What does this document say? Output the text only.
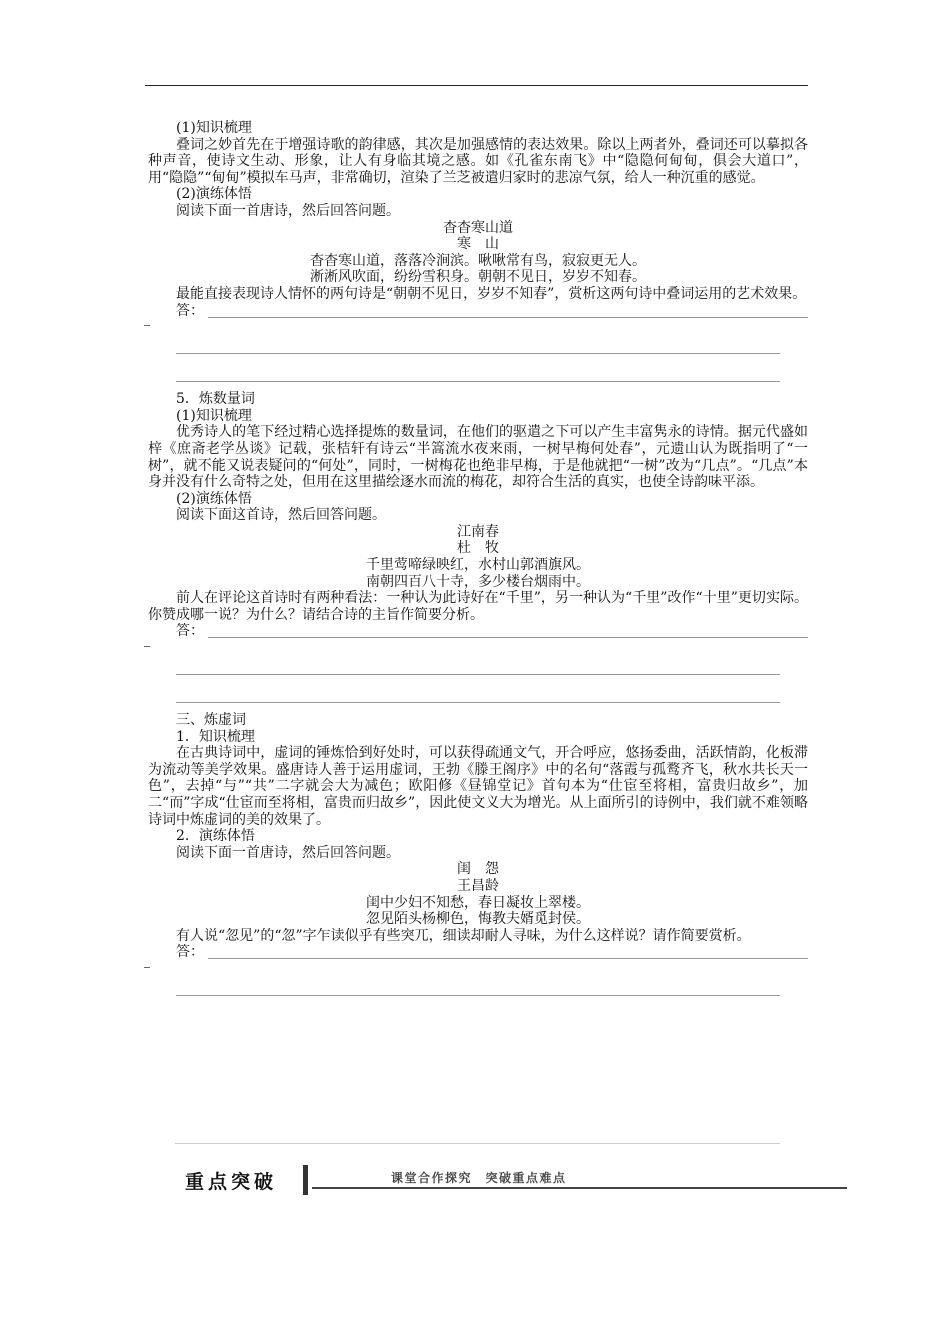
(1)知识梳理
叠词之妙首先在于增强诗歌的韵律感，其次是加强感情的表达效果。除以上两者外，叠词还可以摹拟各种声音，使诗文生动、形象，让人有身临其境之感。如《孔雀东南飞》中“隐隐何甸甸，俱会大道口”，用“隐隐”“甸甸”模拟车马声，非常确切，渲染了兰芝被遣归家时的悲凉气氛，给人一种沉重的感觉。
(2)演练体悟
阅读下面一首唐诗，然后回答问题。
杳杳寒山道
寒　山
杳杳寒山道，落落冷涧滨。啾啾常有鸟，寂寂更无人。
淅淅风吹面，纷纷雪积身。朝朝不见日，岁岁不知春。
最能直接表现诗人情怀的两句诗是“朝朝不见日，岁岁不知春”，赏析这两句诗中叠词运用的艺术效果。
答：
5．炼数量词
(1)知识梳理
优秀诗人的笔下经过精心选择提炼的数量词，在他们的驱遣之下可以产生丰富隽永的诗情。据元代盛如梓《庶斋老学丛谈》记载，张桔轩有诗云“半篙流水夜来雨，一树早梅何处春”，元遗山认为既指明了“一树”，就不能又说表疑问的“何处”，同时，一树梅花也绝非早梅，于是他就把“一树”改为“几点”。“几点”本身并没有什么奇特之处，但用在这里描绘逐水而流的梅花，却符合生活的真实，也使全诗韵味平添。
(2)演练体悟
阅读下面这首诗，然后回答问题。
江南春
杜　牧
千里莺啼绿映红，水村山郭酒旗风。
南朝四百八十寺，多少楼台烟雨中。
前人在评论这首诗时有两种看法：一种认为此诗好在“千里”，另一种认为“千里”改作“十里”更切实际。你赞成哪一说？为什么？请结合诗的主旨作简要分析。
答：
三、炼虚词
1．知识梳理
在古典诗词中，虚词的锤炼恰到好处时，可以获得疏通文气，开合呼应，悠扬委曲，活跃情韵，化板滞为流动等美学效果。盛唐诗人善于运用虚词，王勃《滕王阁序》中的名句“落霞与孤鹜齐飞，秋水共长天一色”，去掉“与”“共”二字就会大为减色；欧阳修《昼锦堂记》首句本为“仕宦至将相，富贵归故乡”，加二“而”字成“仕宦而至将相，富贵而归故乡”，因此使文义大为增光。从上面所引的诗例中，我们就不难领略诗词中炼虚词的美的效果了。
2．演练体悟
阅读下面一首唐诗，然后回答问题。
闺　怨
王昌龄
闺中少妇不知愁，春日凝妆上翠楼。
忽见陌头杨柳色，悔教夫婿觅封侯。
有人说“忽见”的“忽”字乍读似乎有些突兀，细读却耐人寻味，为什么这样说？请作简要赏析。
答：
重点突破	课堂合作探究　突破重点难点
